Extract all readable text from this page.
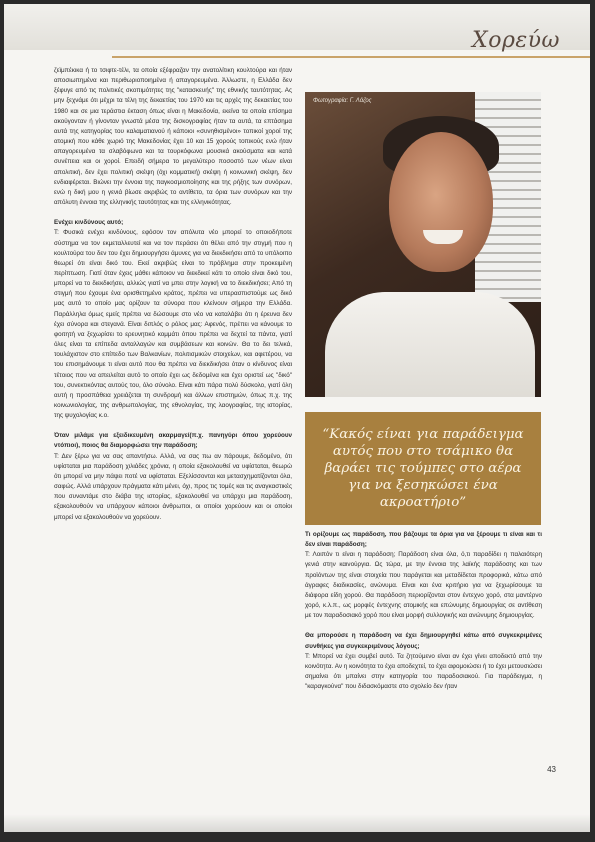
Χορεύω

ζεϊμπέκικα ή το τσιφτε-τέλι, τα οποία εξέφραζαν την ανατολίτικη κουλτούρα και ήταν αποσιωπημένα και περιθωριοποιημένα ή απαγορευμένα. Άλλωστε, η Ελλάδα δεν ξέφυγε από τις πολιτικές σκοπιμότητες της "κατασκευής" της εθνικής ταυτότητας. Ας μην ξεχνάμε ότι μέχρι τα τέλη της δεκαετίας του 1970 και τις αρχές της δεκαετίας του 1980 και σε μια τεράστια έκταση όπως είναι η Μακεδονία, εκείνα τα οποία επίσημα ακούγονταν ή γίνονταν γνωστά μέσα της δισκογραφίας ήταν τα αυτά, τα επτάσημα αυτά της κατηγορίας του καλαματιανού ή κάποιοι «συνηθισμένοι» τοπικοί χοροί της ατομική που κάθε χωριό της Μακεδονίας έχει 10 και 15 χορούς τοπικούς ενώ ήταν απαγορευμένα τα σλαβόφωνα και τα τουρκόφωνα μουσικά ακούσματα και κατά συνέπεια και οι χοροί. Επειδή σήμερα το μεγαλύτερο ποσοστό των νέων είναι απολιτική, δεν έχει πολιτική σκέψη (όχι κομματική) σκέψη ή κοινωνική σκέψη, δεν ενδιαφέρεται. Βιώνει την έννοια της παγκοσμιοποίησης και της ρήξης των συνόρων, ενώ η δική μου η γενιά βίωσε ακριβώς το αντίθετο, τα όρια των συνόρων και την απόλυτη έννοια της ελληνικής ταυτότητας και της ελληνικότητας.

Ενέχει κινδύνους αυτό;

Τ: Φυσικά ενέχει κινδύνους, εφόσον τον απόλυτα νέο μπορεί το οποιοδήποτε σύστημα να τον εκμεταλλευτεί και να τον περάσει ότι θέλει από την στιγμή που η κουλτούρα του δεν του έχει δημιουργήσει άμυνες για να διεκδικήσει από το υπόλοιπο θεωρεί ότι είναι δικό του. Εκεί ακριβώς είναι το πρόβλημα στην προκειμένη περίπτωση. Γιατί όταν έχεις μάθει κάποιον να διεκδικεί κάτι το οποίο είναι δικό του, μπορεί να το διεκδικήσει, αλλιώς γιατί να μπει στην λογική να το διεκδικήσει; Από τη στιγμή που έχουμε ένα ορισθετημένο κράτος, πρέπει να υπερασπιστούμε ως δικό μας αυτό το οποίο μας ορίζουν τα σύνορα που κλείνουν σήμερα την Ελλάδα. Παράλληλα όμως εμείς πρέπει να δώσουμε στο νέο να καταλάβει ότι η έρευνα δεν έχει σύνορα και στεγανά. Είναι διπλός ο ρόλος μας: Αφενός, πρέπει να κάνουμε το φοιτητή να ξεχωρίσει το ερευνητικό κομμάτι όπου πρέπει να δεχτεί τα πάντα, γιατί όλες είναι τα επίπεδα ανταλλαγών και συμβάσεων και κοινών. Θα το δει τελικά, τουλάχιστον στο επίπεδο των Βαλκανίων, πολιτισμικών στοιχείων, και αφετέρου, να του επισημάνουμε τι είναι αυτό που θα πρέπει να διεκδικήσει όταν ο κίνδυνος είναι τέτοιος που να απειλείται αυτό το οποίο έχει ως δεδομένα και έχει οριστεί ως "δικό" του, συνεκτικόντας αυτούς του, όλο σύνολο. Είναι κάτι πάρα πολύ δύσκολο, γιατί όλη αυτή η προσπάθεια χρειάζεται τη συνδρομή και άλλων επιστημών, όπως π.χ. της κοινωνιολογίας, της ανθρωπολογίας, της εθνολογίας, της λαογραφίας, της ιστορίας, της ψυχολογίας κ.ο.

Όταν μιλάμε για εξειδικευμένη ακαρμαγεί(π.χ. πανηγύρι όπου χορεύουν ντόπιοι), ποιος θα διαμορφώσει την παράδοση;

Τ: Δεν ξέρω για να σας απαντήσω. Αλλά, να σας πω αν πάρουμε, δεδομένο, ότι υφίσταται μια παράδοση χιλιάδες χρόνια, η οποία εξακολουθεί να υφίσταται, θεωρώ ότι μπορεί να μην πάψει ποτέ να υφίσταται. Εξελίσσονται και μετασχηματίζονται όλα, σαφώς. Αλλά υπάρχουν πράγματα κάτι μένει, όχι, προς τις τομές και τις αναγκαστικές που συναντάμε στο διάβα της ιστορίας, εξακολουθεί να υπάρχει μια παράδοση, εξακολουθούν να υπάρχουν κάποιοι άνθρωποι, οι οποίοι χορεύουν και οι οποίοι μπορεί να εξακολουθούν να χορεύουν.

Φωτογραφία: Γ. Λάζος
“Κακός είναι για παράδειγμα αυτός που στο τσάμικο θα βαράει τις τούμπες στο αέρα για να ξεσηκώσει ένα ακροατήριο”

Τι ορίζουμε ως παράδοση, που βάζουμε τα όρια για να ξέρουμε τι είναι και τι δεν είναι παράδοση;

Τ: Λοιπόν τι είναι η παράδοση; Παράδοση είναι όλα, ό,τι παραδίδει η παλαιότερη γενιά στην καινούργια. Ως τώρα, με την έννοια της λαϊκής παράδοσης και των προϊόντων της είναι στοιχεία που παράγεται και μεταδίδεται προφορικά, κάτω από άγραφες διαδικασίες, ανώνυμα. Είναι και ένα κριτήριο για να ξεχωρίσουμε τα διάφορα είδη χορού. Θα παράδοση περιορίζονται στον έντεχνο χορό, στα μαντέρνο χορό, κ.λ.π., ως μορφές έντεχνης ατομικής και επώνυμης δημιουργίας σε αντίθεση με τον παραδοσιακό χορό που είναι μορφή συλλογικής και ανώνυμης δημιουργίας.

Θα μπορούσε η παράδοση να έχει δημιουργηθεί κάτω από συγκεκριμένες συνθήκες για συγκεκριμένους λόγους;

Τ: Μπορεί να έχει συμβεί αυτό. Τα ζητούμενο είναι αν έχει γίνει αποδεκτό από την κοινότητα. Αν η κοινότητα το έχει αποδεχτεί, το έχει αφομοιώσει ή το έχει μετουσιώσει σημαίνει ότι μπαίνει στην κατηγορία του παραδοσιακού. Για παράδειγμα, η "καραγκούνα" που διδασκόμαστε στο σχολείο δεν ήταν

43
